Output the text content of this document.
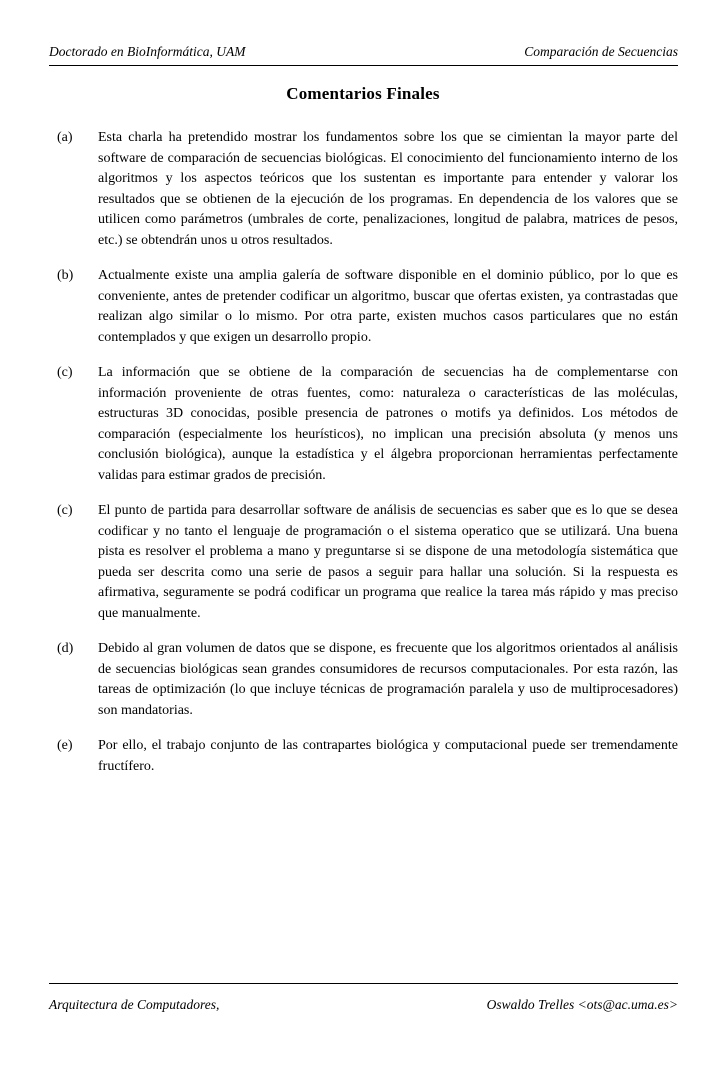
Doctorado en BioInformática, UAM	Comparación de Secuencias
Comentarios Finales
(a)	Esta charla ha pretendido mostrar los fundamentos sobre los que se cimientan la mayor parte del software de comparación de secuencias biológicas. El conocimiento del funcionamiento interno de los algoritmos y los aspectos teóricos que los sustentan es importante para entender y valorar los resultados que se obtienen de la ejecución de los programas. En dependencia de los valores que se utilicen como parámetros (umbrales de corte, penalizaciones, longitud de palabra, matrices de pesos, etc.) se obtendrán unos u otros resultados.
(b)	Actualmente existe una amplia galería de software disponible en el dominio público, por lo que es conveniente, antes de pretender codificar un algoritmo, buscar que ofertas existen, ya contrastadas que realizan algo similar o lo mismo. Por otra parte, existen muchos casos particulares que no están contemplados y que exigen un desarrollo propio.
(c)	La información que se obtiene de la comparación de secuencias ha de complementarse con información proveniente de otras fuentes, como: naturaleza o características de las moléculas, estructuras 3D conocidas, posible presencia de patrones o motifs ya definidos. Los métodos de comparación (especialmente los heurísticos), no implican una precisión absoluta (y menos uns conclusión biológica), aunque la estadística y el álgebra proporcionan herramientas perfectamente validas para estimar grados de precisión.
(c)	El punto de partida para desarrollar software de análisis de secuencias es saber que es lo que se desea codificar y no tanto el lenguaje de programación o el sistema operatico que se utilizará. Una buena pista es resolver el problema a mano y preguntarse si se dispone de una metodología sistemática que pueda ser descrita como una serie de pasos a seguir para hallar una solución. Si la respuesta es afirmativa, seguramente se podrá codificar un programa que realice la tarea más rápido y mas preciso que manualmente.
(d)	Debido al gran volumen de datos que se dispone, es frecuente que los algoritmos orientados al análisis de secuencias biológicas sean grandes consumidores de recursos computacionales. Por esta razón, las tareas de optimización (lo que incluye técnicas de programación paralela y uso de multiprocesadores) son mandatorias.
(e)	Por ello, el trabajo conjunto de las contrapartes biológica y computacional puede ser tremendamente fructífero.
Arquitectura de Computadores,	Oswaldo Trelles <ots@ac.uma.es>
